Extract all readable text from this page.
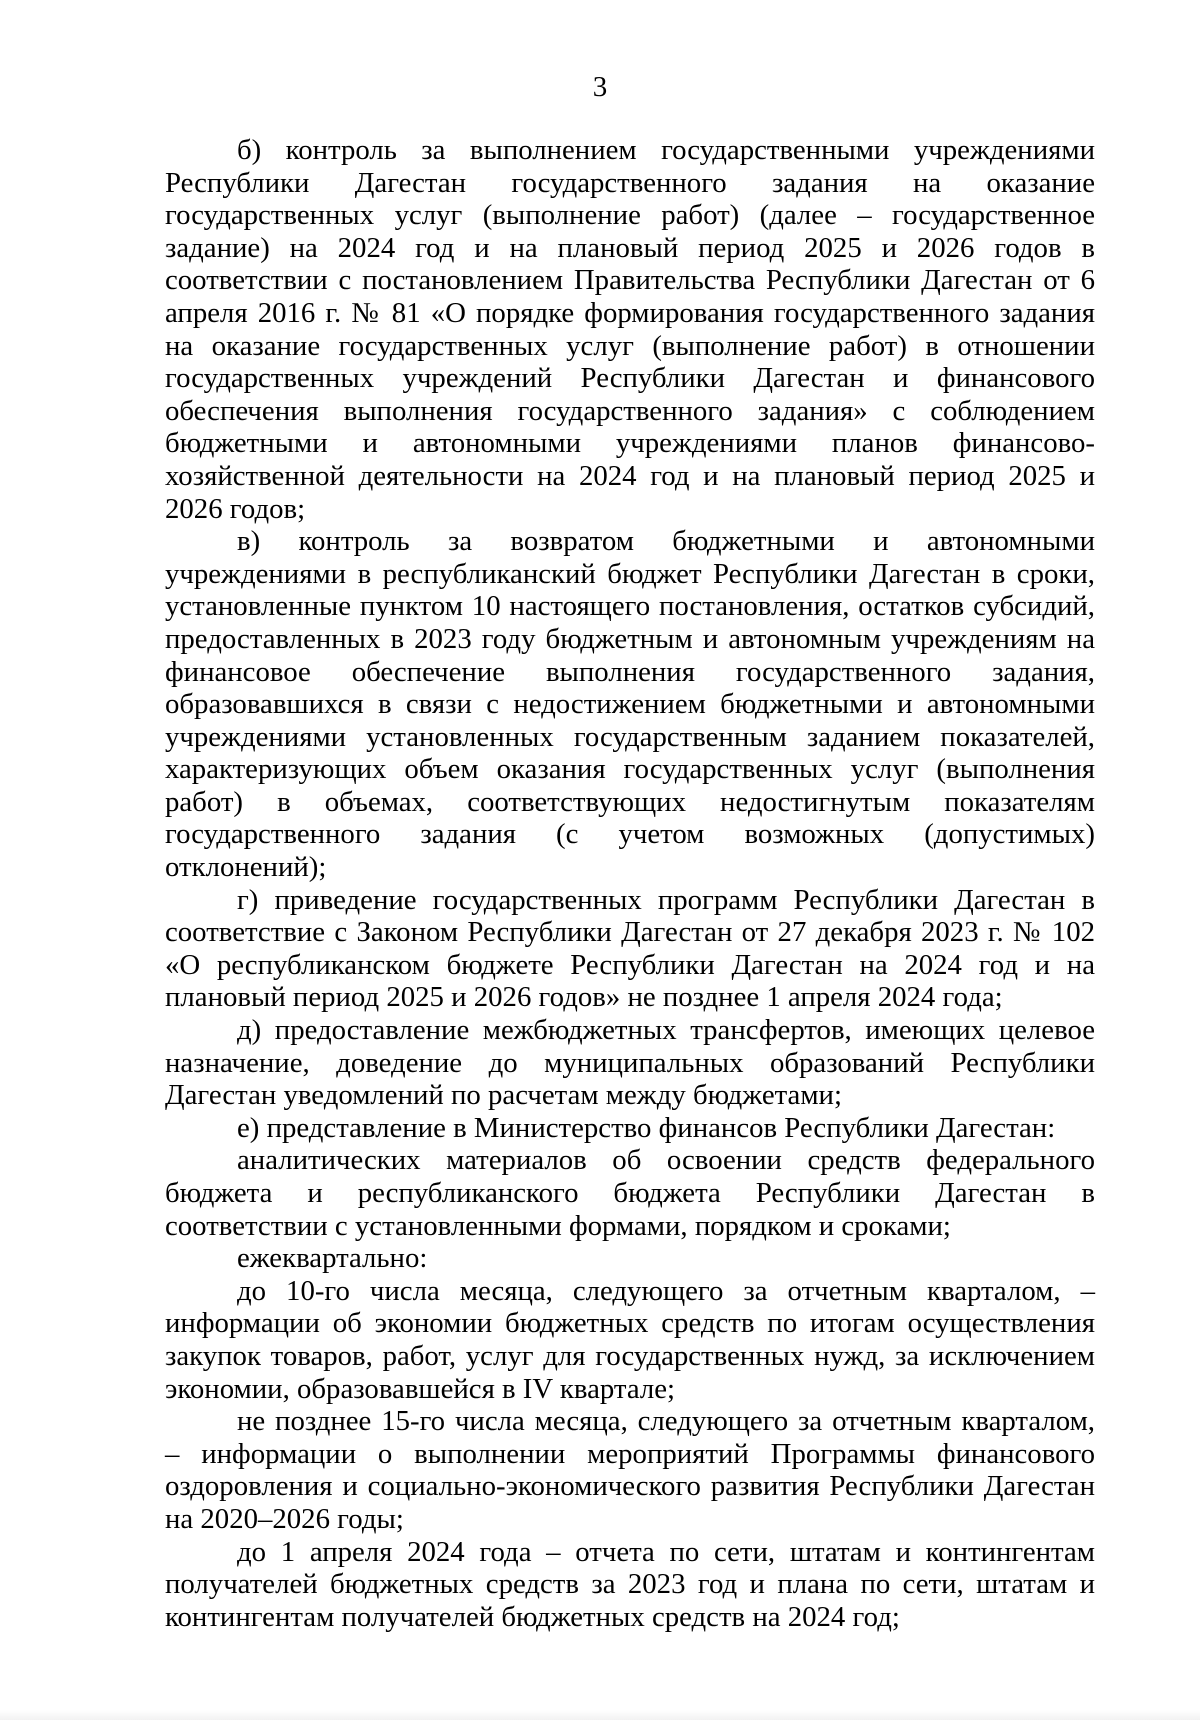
3

б) контроль за выполнением государственными учреждениями Республики Дагестан государственного задания на оказание государственных услуг (выполнение работ) (далее – государственное задание) на 2024 год и на плановый период 2025 и 2026 годов в соответствии с постановлением Правительства Республики Дагестан от 6 апреля 2016 г. № 81 «О порядке формирования государственного задания на оказание государственных услуг (выполнение работ) в отношении государственных учреждений Республики Дагестан и финансового обеспечения выполнения государственного задания» с соблюдением бюджетными и автономными учреждениями планов финансово-хозяйственной деятельности на 2024 год и на плановый период 2025 и 2026 годов;

в) контроль за возвратом бюджетными и автономными учреждениями в республиканский бюджет Республики Дагестан в сроки, установленные пунктом 10 настоящего постановления, остатков субсидий, предоставленных в 2023 году бюджетным и автономным учреждениям на финансовое обеспечение выполнения государственного задания, образовавшихся в связи с недостижением бюджетными и автономными учреждениями установленных государственным заданием показателей, характеризующих объем оказания государственных услуг (выполнения работ) в объемах, соответствующих недостигнутым показателям государственного задания (с учетом возможных (допустимых) отклонений);

г) приведение государственных программ Республики Дагестан в соответствие с Законом Республики Дагестан от 27 декабря 2023 г. № 102 «О республиканском бюджете Республики Дагестан на 2024 год и на плановый период 2025 и 2026 годов» не позднее 1 апреля 2024 года;

д) предоставление межбюджетных трансфертов, имеющих целевое назначение, доведение до муниципальных образований Республики Дагестан уведомлений по расчетам между бюджетами;

е) представление в Министерство финансов Республики Дагестан:

аналитических материалов об освоении средств федерального бюджета и республиканского бюджета Республики Дагестан в соответствии с установленными формами, порядком и сроками;

ежеквартально:

до 10-го числа месяца, следующего за отчетным кварталом, – информации об экономии бюджетных средств по итогам осуществления закупок товаров, работ, услуг для государственных нужд, за исключением экономии, образовавшейся в IV квартале;

не позднее 15-го числа месяца, следующего за отчетным кварталом, – информации о выполнении мероприятий Программы финансового оздоровления и социально-экономического развития Республики Дагестан на 2020–2026 годы;

до 1 апреля 2024 года – отчета по сети, штатам и контингентам получателей бюджетных средств за 2023 год и плана по сети, штатам и контингентам получателей бюджетных средств на 2024 год;
